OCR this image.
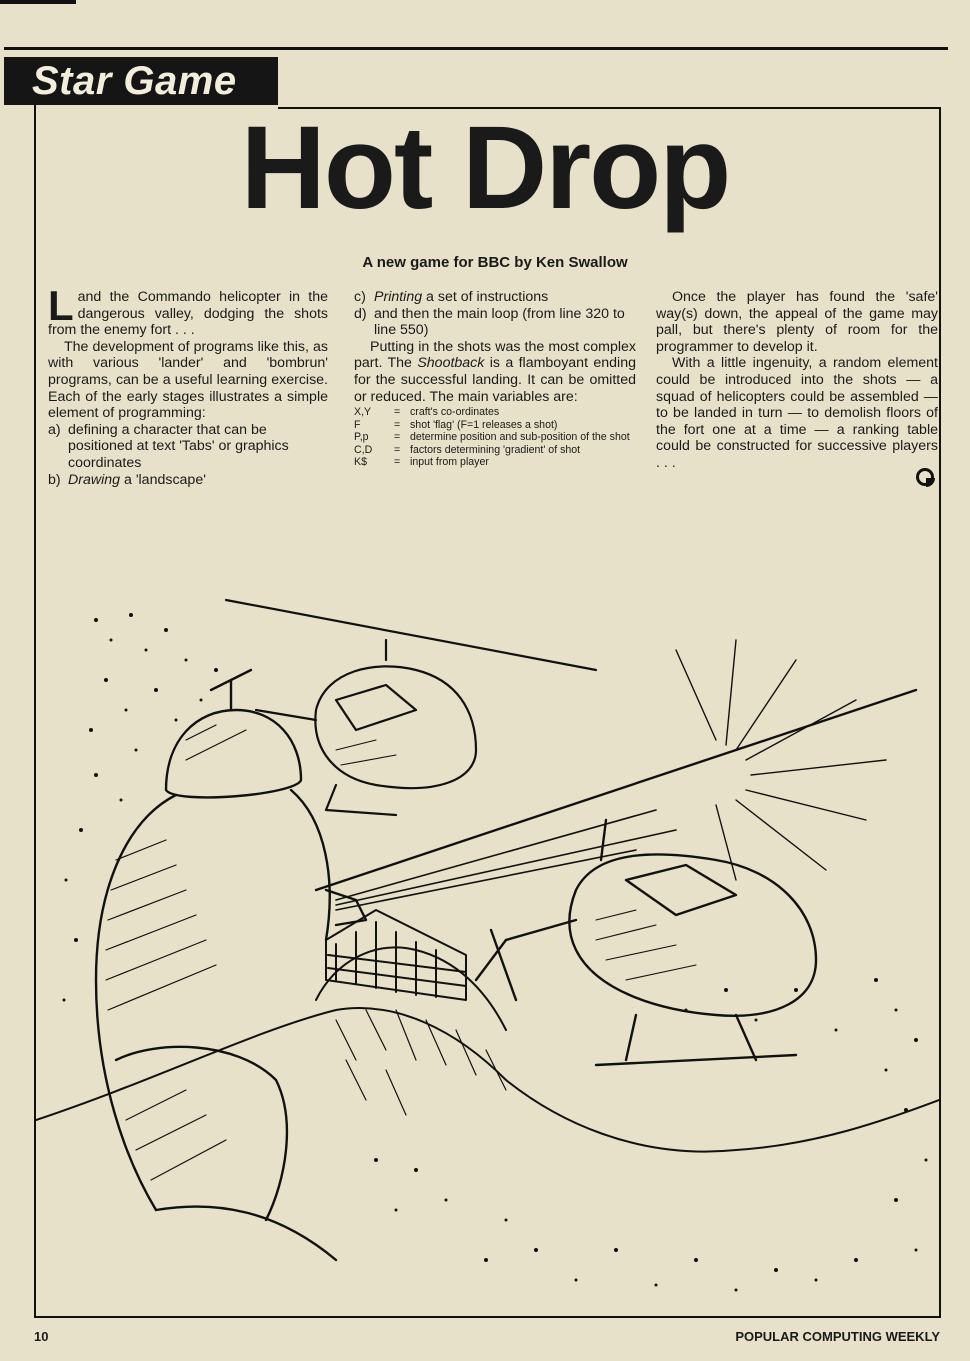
Star Game
Hot Drop
A new game for BBC by Ken Swallow

Land the Commando helicopter in the dangerous valley, dodging the shots from the enemy fort . . .

The development of programs like this, as with various 'lander' and 'bombrun' programs, can be a useful learning exercise. Each of the early stages illustrates a simple element of programming:

a) defining a character that can be positioned at text 'Tabs' or graphics coordinates
b) Drawing a 'landscape'
c) Printing a set of instructions
d) and then the main loop (from line 320 to line 550)

Putting in the shots was the most complex part. The Shootback is a flamboyant ending for the successful landing. It can be omitted or reduced. The main variables are:

X,Y	= craft's co-ordinates
F	= shot 'flag' (F=1 releases a shot)
P,p	= determine position and sub-position of the shot
C,D	= factors determining 'gradient' of shot
K$	= input from player

Once the player has found the 'safe' way(s) down, the appeal of the game may pall, but there's plenty of room for the programmer to develop it.

With a little ingenuity, a random element could be introduced into the shots — a squad of helicopters could be assembled — to be landed in turn — to demolish floors of the fort one at a time — a ranking table could be constructed for successive players . . .

10	POPULAR COMPUTING WEEKLY
